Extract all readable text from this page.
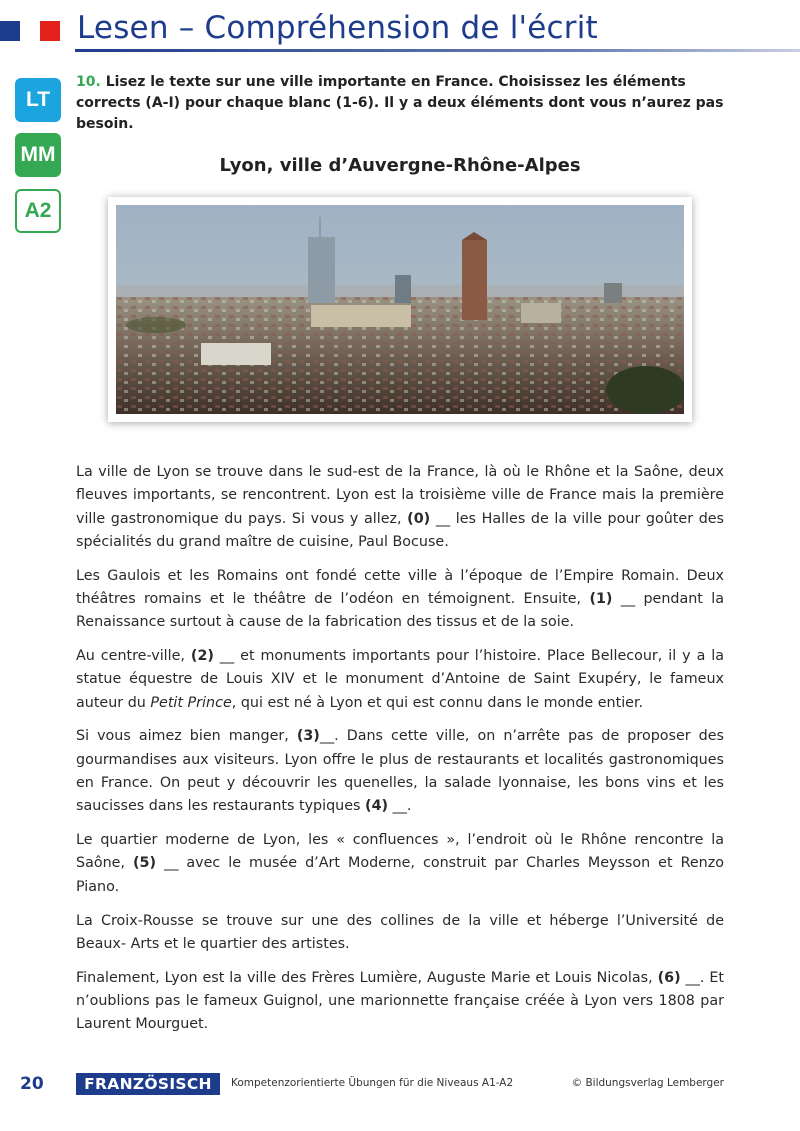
Lesen – Compréhension de l'écrit
LT
MM
A2

10. Lisez le texte sur une ville importante en France. Choisissez les éléments corrects (A-I) pour chaque blanc (1-6). Il y a deux éléments dont vous n’aurez pas besoin.

Lyon, ville d’Auvergne-Rhône-Alpes

La ville de Lyon se trouve dans le sud-est de la France, là où le Rhône et la Saône, deux fleuves importants, se rencontrent. Lyon est la troisième ville de France mais la première ville gastronomique du pays. Si vous y allez, (0) __ les Halles de la ville pour goûter des spécialités du grand maître de cuisine, Paul Bocuse.

Les Gaulois et les Romains ont fondé cette ville à l’époque de l’Empire Romain. Deux théâtres romains et le théâtre de l’odéon en témoignent. Ensuite, (1) __ pendant la Renaissance surtout à cause de la fabrication des tissus et de la soie.

Au centre-ville, (2) __ et monuments importants pour l’histoire. Place Bellecour, il y a la statue équestre de Louis XIV et le monument d’Antoine de Saint Exupéry, le fameux auteur du Petit Prince, qui est né à Lyon et qui est connu dans le monde entier.

Si vous aimez bien manger, (3)__. Dans cette ville, on n’arrête pas de proposer des gourmandises aux visiteurs. Lyon offre le plus de restaurants et localités gastronomiques en France. On peut y découvrir les quenelles, la salade lyonnaise, les bons vins et les saucisses dans les restaurants typiques (4) __.

Le quartier moderne de Lyon, les « confluences », l’endroit où le Rhône rencontre la Saône, (5) __ avec le musée d’Art Moderne, construit par Charles Meysson et Renzo Piano.

La Croix-Rousse se trouve sur une des collines de la ville et héberge l’Université de Beaux- Arts et le quartier des artistes.

Finalement, Lyon est la ville des Frères Lumière, Auguste Marie et Louis Nicolas, (6) __. Et n’oublions pas le fameux Guignol, une marionnette française créée à Lyon vers 1808 par Laurent Mourguet.

20	FRANZÖSISCH	Kompetenzorientierte Übungen für die Niveaus A1-A2	© Bildungsverlag Lemberger
